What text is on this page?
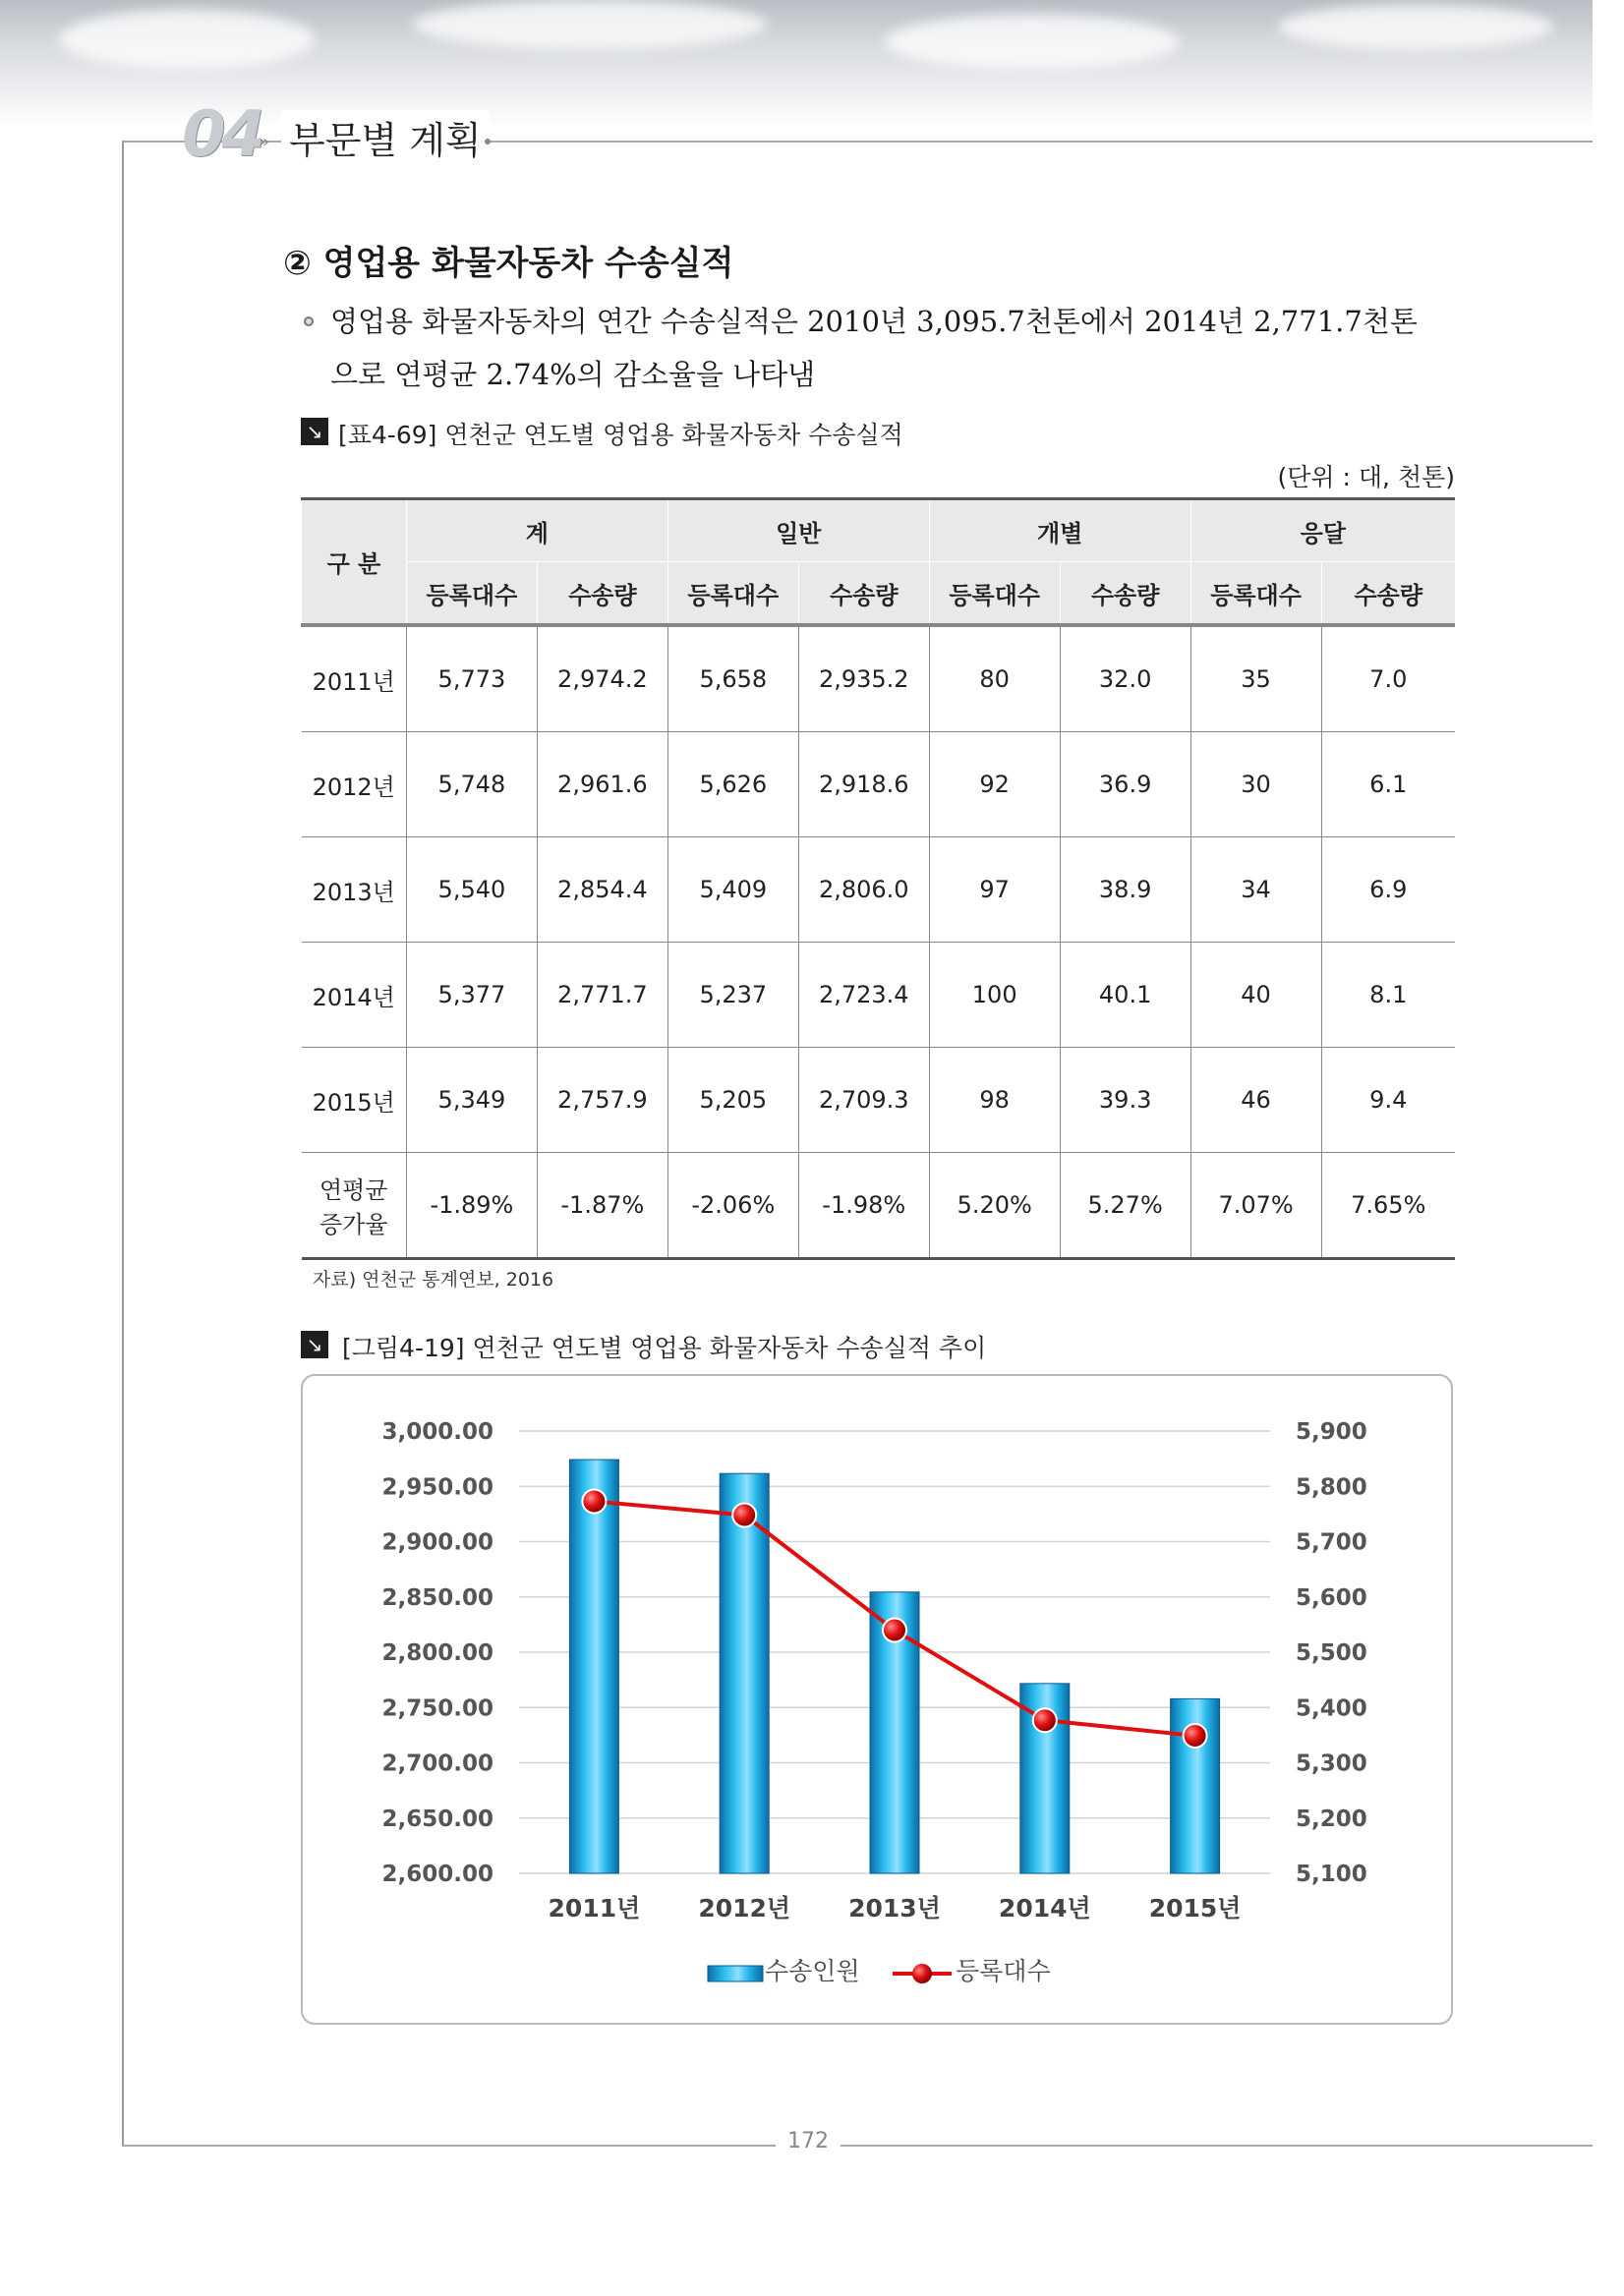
04
» 부문별 계획
② 영업용 화물자동차 수송실적
영업용 화물자동차의 연간 수송실적은 2010년 3,095.7천톤에서 2014년 2,771.7천톤
으로 연평균 2.74%의 감소율을 나타냄
↘ [표4-69] 연천군 연도별 영업용 화물자동차 수송실적
(단위 : 대, 천톤)
구 분	계		일반		개별		응달	
	등록대수	수송량	등록대수	수송량	등록대수	수송량	등록대수	수송량
2011년	5,773	2,974.2	5,658	2,935.2	80	32.0	35	7.0
2012년	5,748	2,961.6	5,626	2,918.6	92	36.9	30	6.1
2013년	5,540	2,854.4	5,409	2,806.0	97	38.9	34	6.9
2014년	5,377	2,771.7	5,237	2,723.4	100	40.1	40	8.1
2015년	5,349	2,757.9	5,205	2,709.3	98	39.3	46	9.4

연평균
증가율	-1.89%	-1.87%	-2.06%	-1.98%	5.20%	5.27%	7.07%	7.65%
자료) 연천군 통계연보, 2016
↘ [그림4-19] 연천군 연도별 영업용 화물자동차 수송실적 추이
2,600.00	5,100
2,650.00	5,200
2,700.00	5,300
2,750.00	5,400
2,800.00	5,500
2,850.00	5,600
2,900.00	5,700
2,950.00	5,800
3,000.00	5,900
2011년 2012년 2013년 2014년 2015년
수송인원	등록대수
172
